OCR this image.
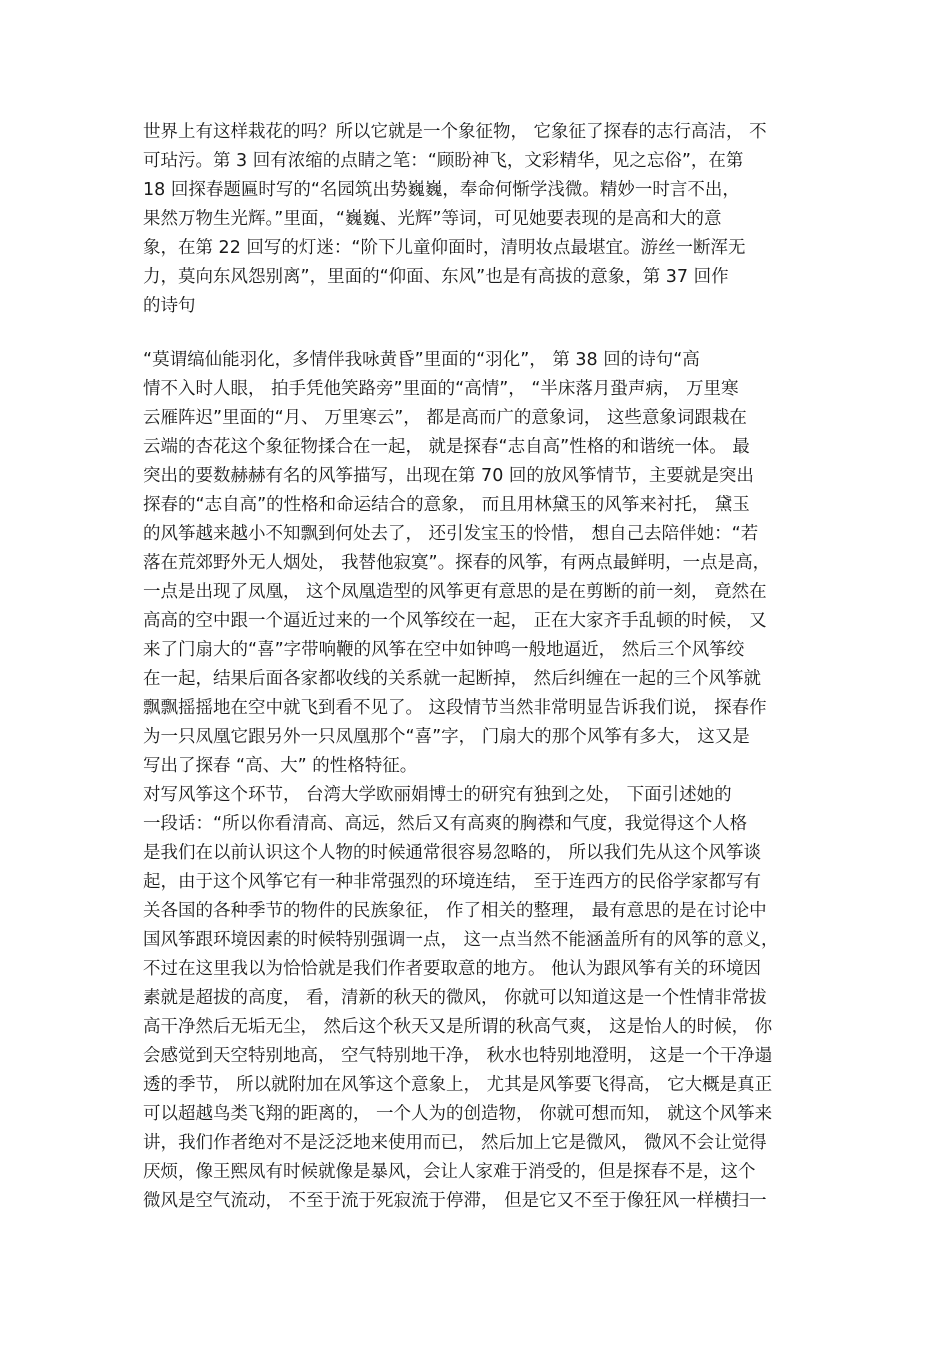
世界上有这样栽花的吗？所以它就是一个象征物， 它象征了探春的志行高洁， 不
可玷污。第 3 回有浓缩的点睛之笔：“顾盼神飞，文彩精华，见之忘俗”，在第
18 回探春题匾时写的“名园筑出势巍巍，奉命何惭学浅微。精妙一时言不出，
果然万物生光辉。”里面，“巍巍、光辉”等词，可见她要表现的是高和大的意
象，在第 22 回写的灯迷：“阶下儿童仰面时，清明妆点最堪宜。游丝一断浑无
力，莫向东风怨别离”，里面的“仰面、东风”也是有高拔的意象，第 37 回作
的诗句
“莫谓缟仙能羽化，多情伴我咏黄昏”里面的“羽化”， 第 38 回的诗句“高
情不入时人眼， 拍手凭他笑路旁”里面的“高情”， “半床落月蛩声病， 万里寒
云雁阵迟”里面的“月、 万里寒云”， 都是高而广的意象词， 这些意象词跟栽在
云端的杏花这个象征物揉合在一起， 就是探春“志自高”性格的和谐统一体。 最
突出的要数赫赫有名的风筝描写，出现在第 70 回的放风筝情节，主要就是突出
探春的“志自高”的性格和命运结合的意象， 而且用林黛玉的风筝来衬托， 黛玉
的风筝越来越小不知飘到何处去了， 还引发宝玉的怜惜， 想自己去陪伴她：“若
落在荒郊野外无人烟处， 我替他寂寞”。探春的风筝，有两点最鲜明，一点是高，
一点是出现了凤凰， 这个凤凰造型的风筝更有意思的是在剪断的前一刻， 竟然在
高高的空中跟一个逼近过来的一个风筝绞在一起， 正在大家齐手乱顿的时候， 又
来了门扇大的“喜”字带响鞭的风筝在空中如钟鸣一般地逼近， 然后三个风筝绞
在一起，结果后面各家都收线的关系就一起断掉， 然后纠缠在一起的三个风筝就
飘飘摇摇地在空中就飞到看不见了。 这段情节当然非常明显告诉我们说， 探春作
为一只凤凰它跟另外一只凤凰那个“喜”字， 门扇大的那个风筝有多大， 这又是
写出了探春 “高、大” 的性格特征。
对写风筝这个环节， 台湾大学欧丽娟博士的研究有独到之处， 下面引述她的
一段话：“所以你看清高、高远，然后又有高爽的胸襟和气度，我觉得这个人格
是我们在以前认识这个人物的时候通常很容易忽略的， 所以我们先从这个风筝谈
起，由于这个风筝它有一种非常强烈的环境连结， 至于连西方的民俗学家都写有
关各国的各种季节的物件的民族象征， 作了相关的整理， 最有意思的是在讨论中
国风筝跟环境因素的时候特别强调一点， 这一点当然不能涵盖所有的风筝的意义，
不过在这里我以为恰恰就是我们作者要取意的地方。 他认为跟风筝有关的环境因
素就是超拔的高度， 看，清新的秋天的微风， 你就可以知道这是一个性情非常拔
高干净然后无垢无尘， 然后这个秋天又是所谓的秋高气爽， 这是怡人的时候， 你
会感觉到天空特别地高， 空气特别地干净， 秋水也特别地澄明， 这是一个干净遢
透的季节， 所以就附加在风筝这个意象上， 尤其是风筝要飞得高， 它大概是真正
可以超越鸟类飞翔的距离的， 一个人为的创造物， 你就可想而知， 就这个风筝来
讲，我们作者绝对不是泛泛地来使用而已， 然后加上它是微风， 微风不会让觉得
厌烦，像王熙凤有时候就像是暴风，会让人家难于消受的，但是探春不是，这个
微风是空气流动， 不至于流于死寂流于停滞， 但是它又不至于像狂风一样横扫一
